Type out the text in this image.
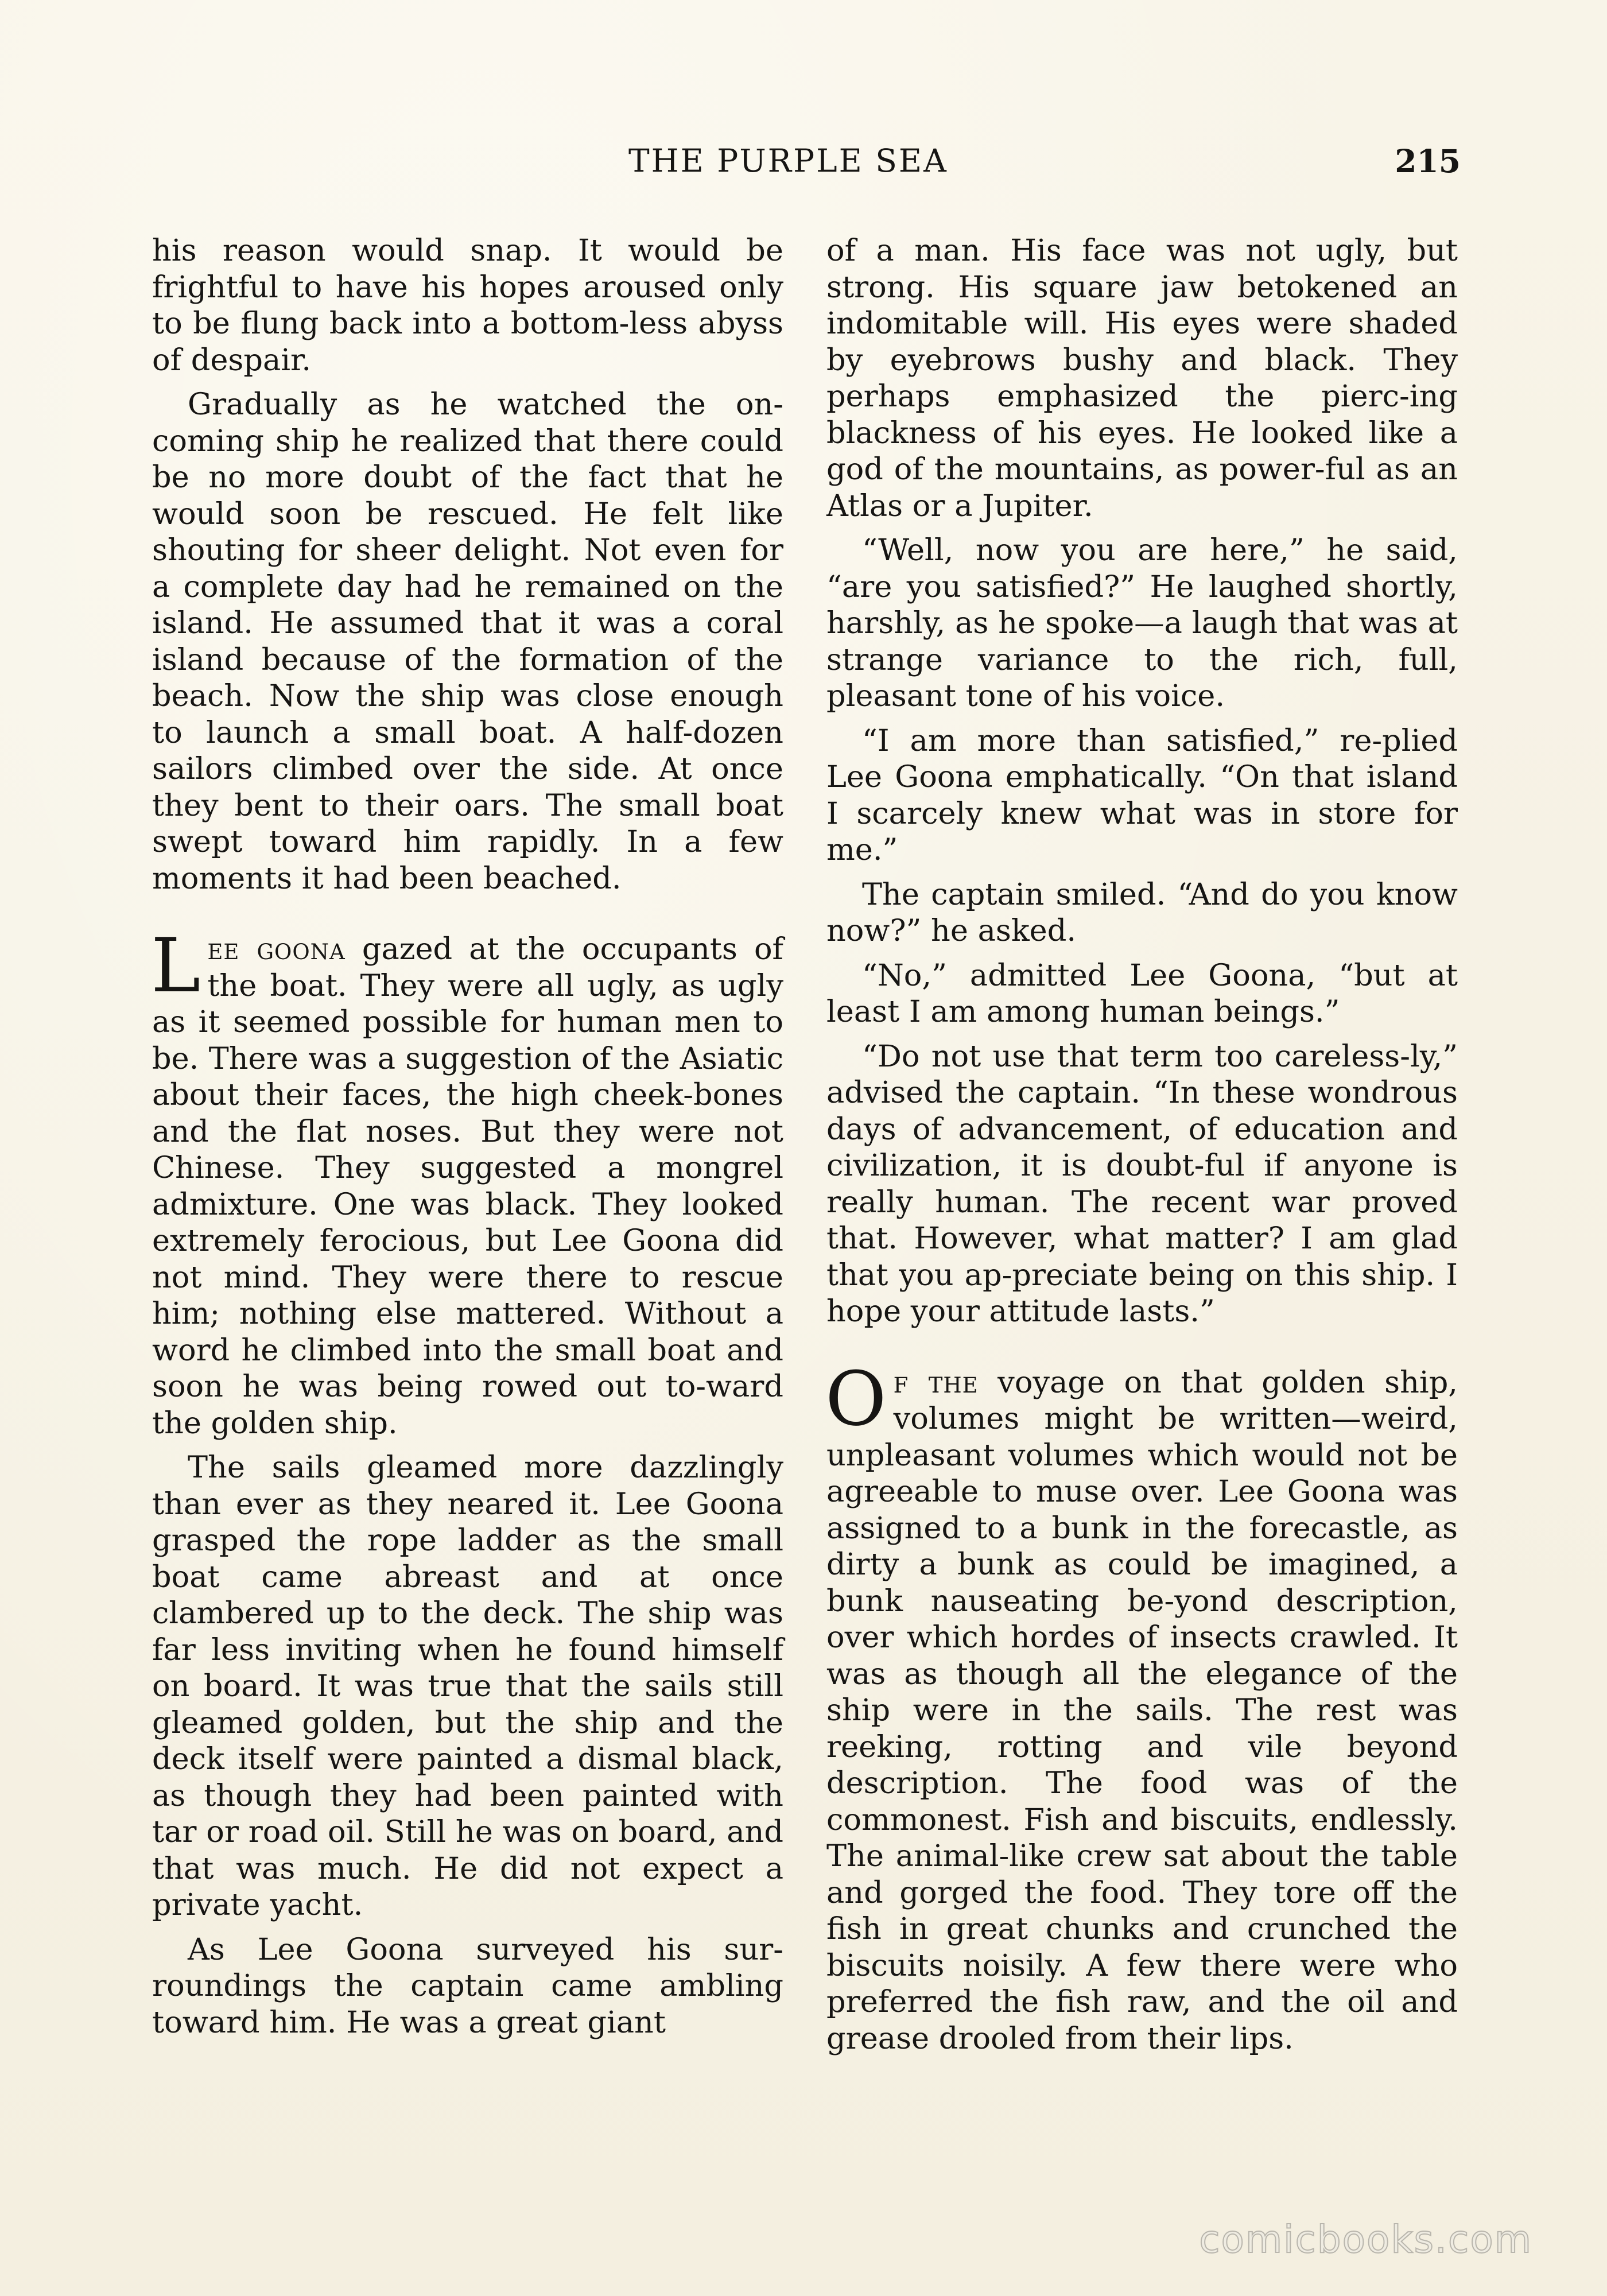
THE PURPLE SEA	215

his reason would snap. It would be frightful to have his hopes aroused only to be flung back into a bottom-less abyss of despair.

Gradually as he watched the on-coming ship he realized that there could be no more doubt of the fact that he would soon be rescued. He felt like shouting for sheer delight. Not even for a complete day had he remained on the island. He assumed that it was a coral island because of the formation of the beach. Now the ship was close enough to launch a small boat. A half-dozen sailors climbed over the side. At once they bent to their oars. The small boat swept toward him rapidly. In a few moments it had been beached.

Lee goona gazed at the occupants of the boat. They were all ugly, as ugly as it seemed possible for human men to be. There was a suggestion of the Asiatic about their faces, the high cheek-bones and the flat noses. But they were not Chinese. They suggested a mongrel admixture. One was black. They looked extremely ferocious, but Lee Goona did not mind. They were there to rescue him; nothing else mattered. Without a word he climbed into the small boat and soon he was being rowed out to-ward the golden ship.

The sails gleamed more dazzlingly than ever as they neared it. Lee Goona grasped the rope ladder as the small boat came abreast and at once clambered up to the deck. The ship was far less inviting when he found himself on board. It was true that the sails still gleamed golden, but the ship and the deck itself were painted a dismal black, as though they had been painted with tar or road oil. Still he was on board, and that was much. He did not expect a private yacht.

As Lee Goona surveyed his sur-roundings the captain came ambling toward him. He was a great giant

of a man. His face was not ugly, but strong. His square jaw betokened an indomitable will. His eyes were shaded by eyebrows bushy and black. They perhaps emphasized the pierc-ing blackness of his eyes. He looked like a god of the mountains, as power-ful as an Atlas or a Jupiter.

“Well, now you are here,” he said, “are you satisfied?” He laughed shortly, harshly, as he spoke—a laugh that was at strange variance to the rich, full, pleasant tone of his voice.

“I am more than satisfied,” re-plied Lee Goona emphatically. “On that island I scarcely knew what was in store for me.”

The captain smiled. “And do you know now?” he asked.

“No,” admitted Lee Goona, “but at least I am among human beings.”

“Do not use that term too careless-ly,” advised the captain. “In these wondrous days of advancement, of education and civilization, it is doubt-ful if anyone is really human. The recent war proved that. However, what matter? I am glad that you ap-preciate being on this ship. I hope your attitude lasts.”

Of the voyage on that golden ship, volumes might be written—weird, unpleasant volumes which would not be agreeable to muse over. Lee Goona was assigned to a bunk in the forecastle, as dirty a bunk as could be imagined, a bunk nauseating be-yond description, over which hordes of insects crawled. It was as though all the elegance of the ship were in the sails. The rest was reeking, rotting and vile beyond description. The food was of the commonest. Fish and biscuits, endlessly. The animal-like crew sat about the table and gorged the food. They tore off the fish in great chunks and crunched the biscuits noisily. A few there were who preferred the fish raw, and the oil and grease drooled from their lips.

comicbooks.com
